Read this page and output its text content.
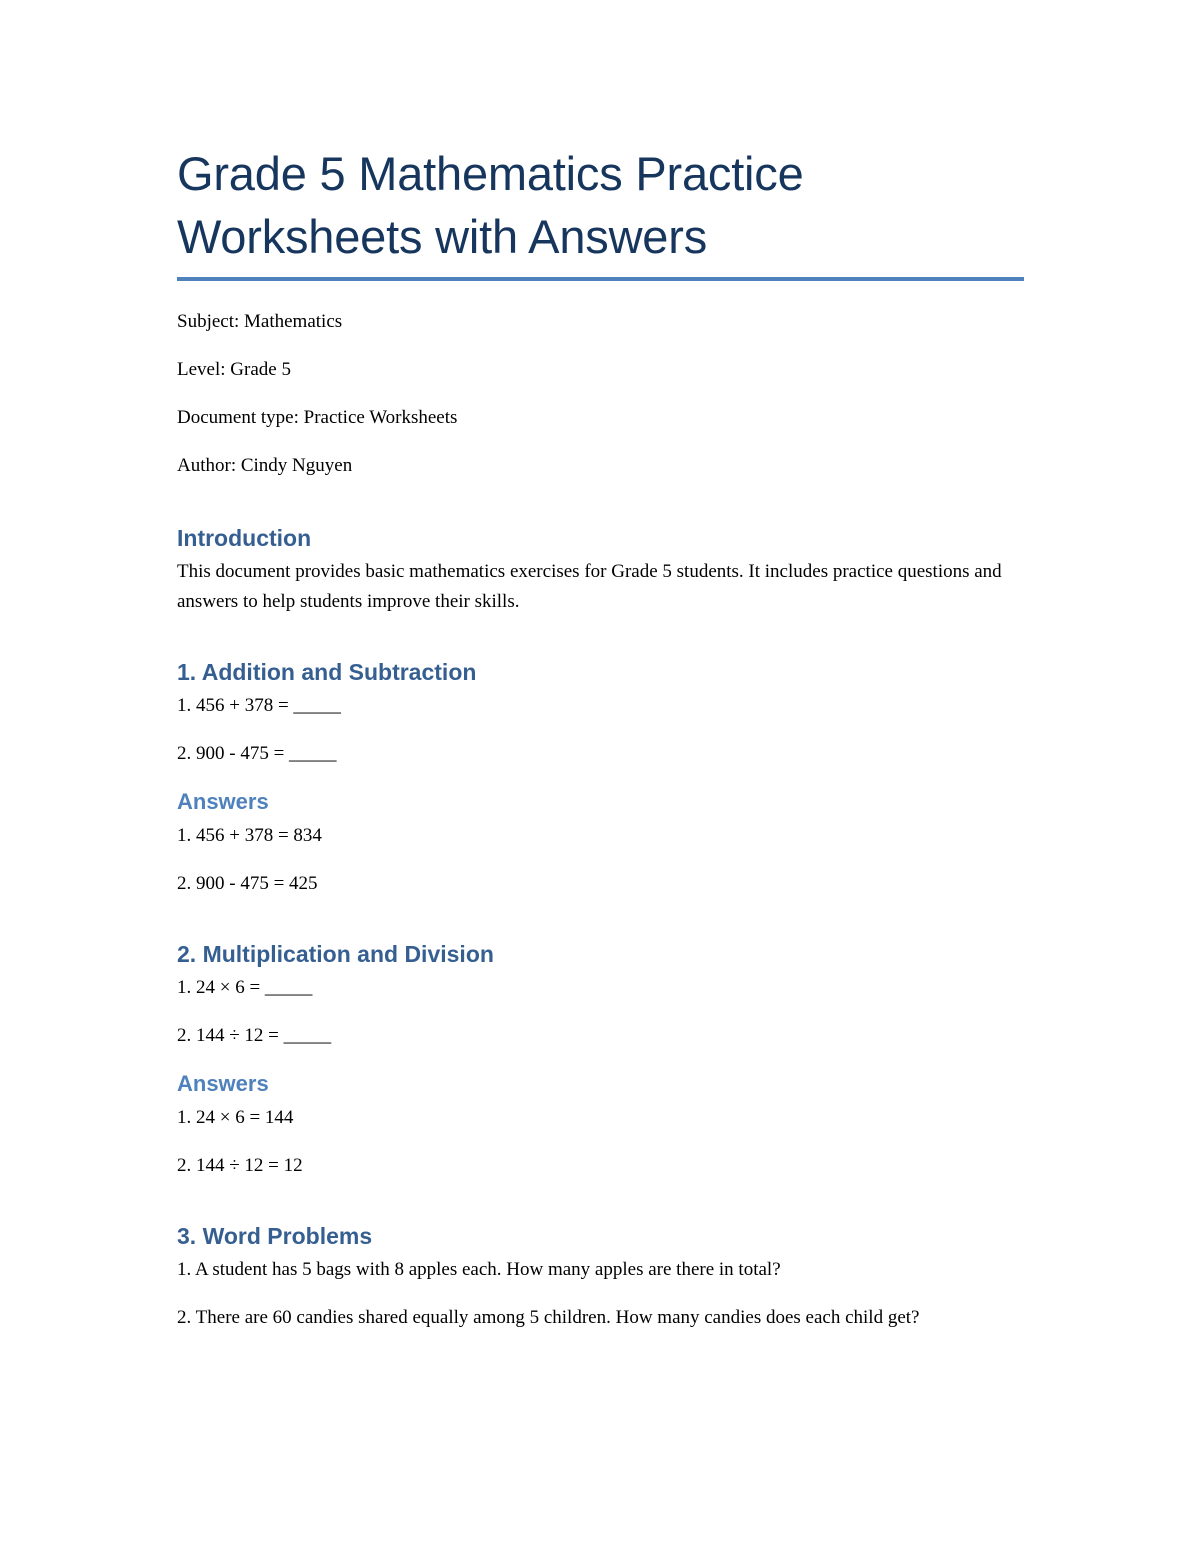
Grade 5 Mathematics Practice
Worksheets with Answers

Subject: Mathematics

Level: Grade 5

Document type: Practice Worksheets

Author: Cindy Nguyen

Introduction

This document provides basic mathematics exercises for Grade 5 students. It includes practice questions and answers to help students improve their skills.

1. Addition and Subtraction

1. 456 + 378 = _____

2. 900 - 475 = _____

Answers

1. 456 + 378 = 834

2. 900 - 475 = 425

2. Multiplication and Division

1. 24 × 6 = _____

2. 144 ÷ 12 = _____

Answers

1. 24 × 6 = 144

2. 144 ÷ 12 = 12

3. Word Problems

1. A student has 5 bags with 8 apples each. How many apples are there in total?

2. There are 60 candies shared equally among 5 children. How many candies does each child get?
